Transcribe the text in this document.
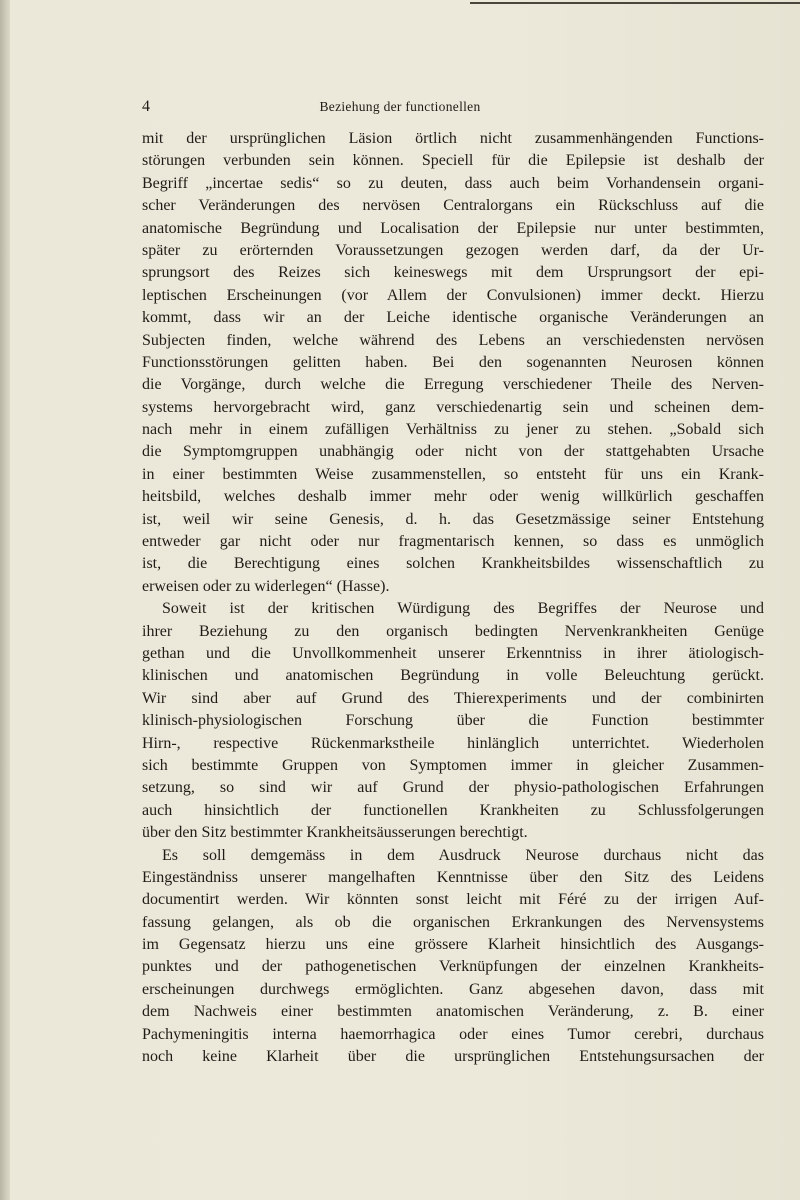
4	Beziehung der functionellen
mit der ursprünglichen Läsion örtlich nicht zusammenhängenden Functions-
störungen verbunden sein können. Speciell für die Epilepsie ist deshalb der
Begriff „incertae sedis“ so zu deuten, dass auch beim Vorhandensein organi-
scher Veränderungen des nervösen Centralorgans ein Rückschluss auf die
anatomische Begründung und Localisation der Epilepsie nur unter bestimmten,
später zu erörternden Voraussetzungen gezogen werden darf, da der Ur-
sprungsort des Reizes sich keineswegs mit dem Ursprungsort der epi-
leptischen Erscheinungen (vor Allem der Convulsionen) immer deckt. Hierzu
kommt, dass wir an der Leiche identische organische Veränderungen an
Subjecten finden, welche während des Lebens an verschiedensten nervösen
Functionsstörungen gelitten haben. Bei den sogenannten Neurosen können
die Vorgänge, durch welche die Erregung verschiedener Theile des Nerven-
systems hervorgebracht wird, ganz verschiedenartig sein und scheinen dem-
nach mehr in einem zufälligen Verhältniss zu jener zu stehen. „Sobald sich
die Symptomgruppen unabhängig oder nicht von der stattgehabten Ursache
in einer bestimmten Weise zusammenstellen, so entsteht für uns ein Krank-
heitsbild, welches deshalb immer mehr oder wenig willkürlich geschaffen
ist, weil wir seine Genesis, d. h. das Gesetzmässige seiner Entstehung
entweder gar nicht oder nur fragmentarisch kennen, so dass es unmöglich
ist, die Berechtigung eines solchen Krankheitsbildes wissenschaftlich zu
erweisen oder zu widerlegen“ (Hasse).
Soweit ist der kritischen Würdigung des Begriffes der Neurose und
ihrer Beziehung zu den organisch bedingten Nervenkrankheiten Genüge
gethan und die Unvollkommenheit unserer Erkenntniss in ihrer ätiologisch-
klinischen und anatomischen Begründung in volle Beleuchtung gerückt.
Wir sind aber auf Grund des Thierexperiments und der combinirten
klinisch-physiologischen Forschung über die Function bestimmter
Hirn-, respective Rückenmarkstheile hinlänglich unterrichtet. Wiederholen
sich bestimmte Gruppen von Symptomen immer in gleicher Zusammen-
setzung, so sind wir auf Grund der physio-pathologischen Erfahrungen
auch hinsichtlich der functionellen Krankheiten zu Schlussfolgerungen
über den Sitz bestimmter Krankheitsäusserungen berechtigt.
Es soll demgemäss in dem Ausdruck Neurose durchaus nicht das
Eingeständniss unserer mangelhaften Kenntnisse über den Sitz des Leidens
documentirt werden. Wir könnten sonst leicht mit Féré zu der irrigen Auf-
fassung gelangen, als ob die organischen Erkrankungen des Nervensystems
im Gegensatz hierzu uns eine grössere Klarheit hinsichtlich des Ausgangs-
punktes und der pathogenetischen Verknüpfungen der einzelnen Krankheits-
erscheinungen durchwegs ermöglichten. Ganz abgesehen davon, dass mit
dem Nachweis einer bestimmten anatomischen Veränderung, z. B. einer
Pachymeningitis interna haemorrhagica oder eines Tumor cerebri, durchaus
noch keine Klarheit über die ursprünglichen Entstehungsursachen der
